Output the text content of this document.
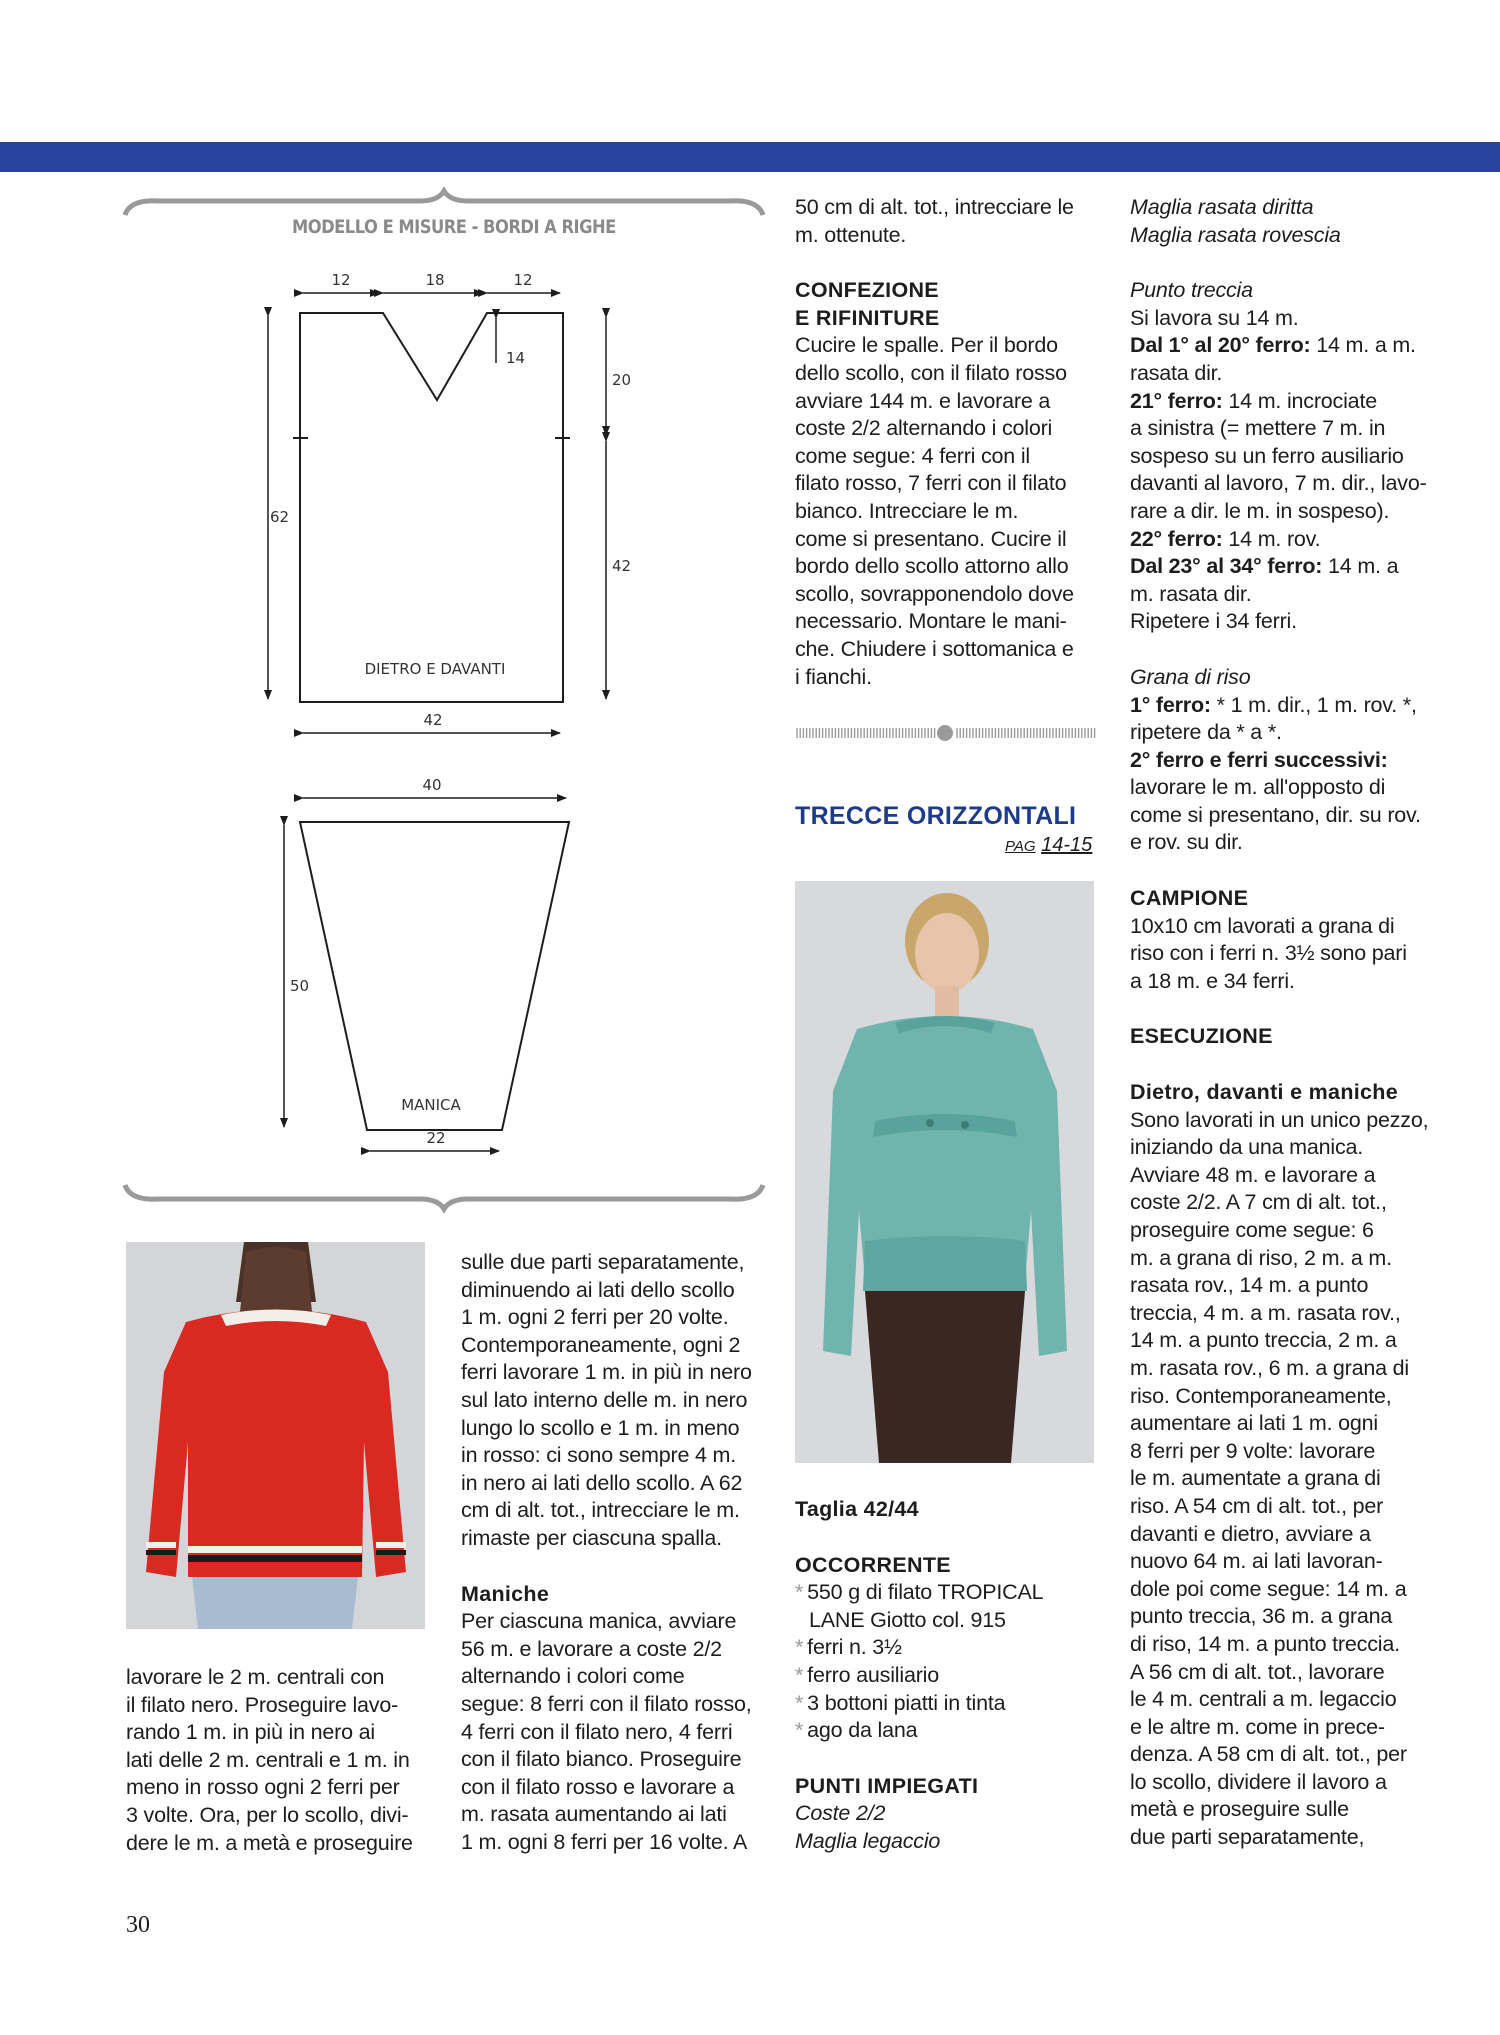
12	18	12
14
20
42
62
42
DIETRO E DAVANTI
40
50
22
MANICA
MODELLO E MISURE - BORDI A RIGHE

lavorare le 2 m. centrali con

il filato nero. Proseguire lavo-

rando 1 m. in più in nero ai

lati delle 2 m. centrali e 1 m. in

meno in rosso ogni 2 ferri per

3 volte. Ora, per lo scollo, divi-

dere le m. a metà e proseguire

sulle due parti separatamente,

diminuendo ai lati dello scollo

1 m. ogni 2 ferri per 20 volte.

Contemporaneamente, ogni 2

ferri lavorare 1 m. in più in nero

sul lato interno delle m. in nero

lungo lo scollo e 1 m. in meno

in rosso: ci sono sempre 4 m.

in nero ai lati dello scollo. A 62

cm di alt. tot., intrecciare le m.

rimaste per ciascuna spalla.

Maniche

Per ciascuna manica, avviare

56 m. e lavorare a coste 2/2

alternando i colori come

segue: 8 ferri con il filato rosso,

4 ferri con il filato nero, 4 ferri

con il filato bianco. Proseguire

con il filato rosso e lavorare a

m. rasata aumentando ai lati

1 m. ogni 8 ferri per 16 volte. A

50 cm di alt. tot., intrecciare le

m. ottenute.

CONFEZIONE

E RIFINITURE

Cucire le spalle. Per il bordo

dello scollo, con il filato rosso

avviare 144 m. e lavorare a

coste 2/2 alternando i colori

come segue: 4 ferri con il

filato rosso, 7 ferri con il filato

bianco. Intrecciare le m.

come si presentano. Cucire il

bordo dello scollo attorno allo

scollo, sovrapponendolo dove

necessario. Montare le mani-

che. Chiudere i sottomanica e

i fianchi.

TRECCE ORIZZONTALI
PAG 14-15

Taglia 42/44

OCCORRENTE

* 550 g di filato TROPICAL

LANE Giotto col. 915

* ferri n. 3½

* ferro ausiliario

* 3 bottoni piatti in tinta

* ago da lana

PUNTI IMPIEGATI

Coste 2/2

Maglia legaccio

Maglia rasata diritta

Maglia rasata rovescia

Punto treccia

Si lavora su 14 m.

Dal 1° al 20° ferro: 14 m. a m.

rasata dir.

21° ferro: 14 m. incrociate

a sinistra (= mettere 7 m. in

sospeso su un ferro ausiliario

davanti al lavoro, 7 m. dir., lavo-

rare a dir. le m. in sospeso).

22° ferro: 14 m. rov.

Dal 23° al 34° ferro: 14 m. a

m. rasata dir.

Ripetere i 34 ferri.

Grana di riso

1° ferro: * 1 m. dir., 1 m. rov. *,

ripetere da * a *.

2° ferro e ferri successivi:

lavorare le m. all'opposto di

come si presentano, dir. su rov.

e rov. su dir.

CAMPIONE

10x10 cm lavorati a grana di

riso con i ferri n. 3½ sono pari

a 18 m. e 34 ferri.

ESECUZIONE

Dietro, davanti e maniche

Sono lavorati in un unico pezzo,

iniziando da una manica.

Avviare 48 m. e lavorare a

coste 2/2. A 7 cm di alt. tot.,

proseguire come segue: 6

m. a grana di riso, 2 m. a m.

rasata rov., 14 m. a punto

treccia, 4 m. a m. rasata rov.,

14 m. a punto treccia, 2 m. a

m. rasata rov., 6 m. a grana di

riso. Contemporaneamente,

aumentare ai lati 1 m. ogni

8 ferri per 9 volte: lavorare

le m. aumentate a grana di

riso. A 54 cm di alt. tot., per

davanti e dietro, avviare a

nuovo 64 m. ai lati lavoran-

dole poi come segue: 14 m. a

punto treccia, 36 m. a grana

di riso, 14 m. a punto treccia.

A 56 cm di alt. tot., lavorare

le 4 m. centrali a m. legaccio

e le altre m. come in prece-

denza. A 58 cm di alt. tot., per

lo scollo, dividere il lavoro a

metà e proseguire sulle

due parti separatamente,

30
